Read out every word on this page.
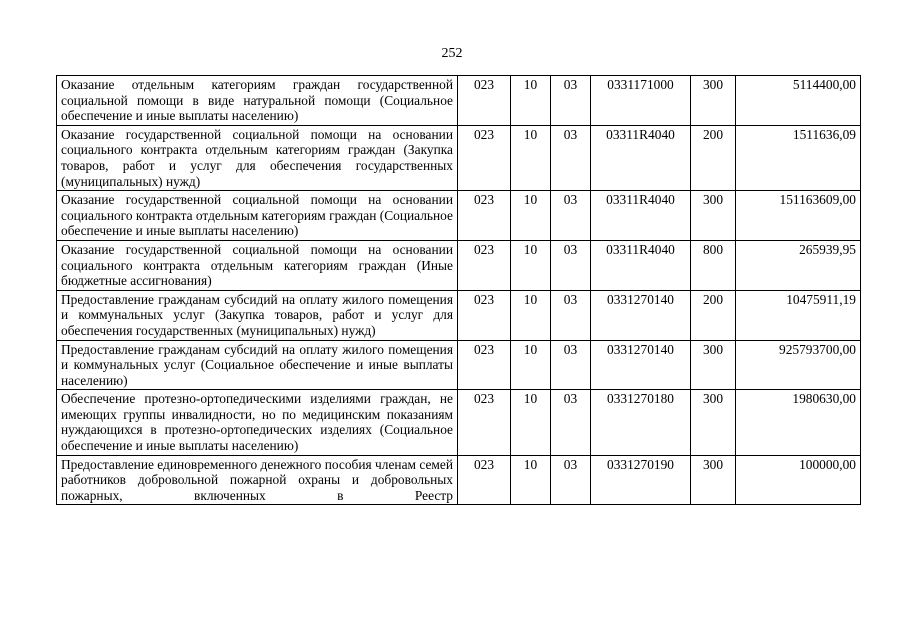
252
Оказание отдельным категориям граждан государственной социальной помощи в виде натуральной помощи (Социальное обеспечение и иные выплаты населению)	023	10	03	0331171000	300	5114400,00
Оказание государственной социальной помощи на основании социального контракта отдельным категориям граждан (Закупка товаров, работ и услуг для обеспечения государственных (муниципальных) нужд)	023	10	03	03311R4040	200	1511636,09
Оказание государственной социальной помощи на основании социального контракта отдельным категориям граждан (Социальное обеспечение и иные выплаты населению)	023	10	03	03311R4040	300	151163609,00
Оказание государственной социальной помощи на основании социального контракта отдельным категориям граждан (Иные бюджетные ассигнования)	023	10	03	03311R4040	800	265939,95
Предоставление гражданам субсидий на оплату жилого помещения и коммунальных услуг (Закупка товаров, работ и услуг для обеспечения государственных (муниципальных) нужд)	023	10	03	0331270140	200	10475911,19
Предоставление гражданам субсидий на оплату жилого помещения и коммунальных услуг (Социальное обеспечение и иные выплаты населению)	023	10	03	0331270140	300	925793700,00
Обеспечение протезно-ортопедическими изделиями граждан, не имеющих группы инвалидности, но по медицинским показаниям нуждающихся в протезно-ортопедических изделиях (Социальное обеспечение и иные выплаты населению)	023	10	03	0331270180	300	1980630,00
Предоставление единовременного денежного пособия членам семей работников добровольной пожарной охраны и добровольных пожарных, включенных в Реестр	023	10	03	0331270190	300	100000,00
